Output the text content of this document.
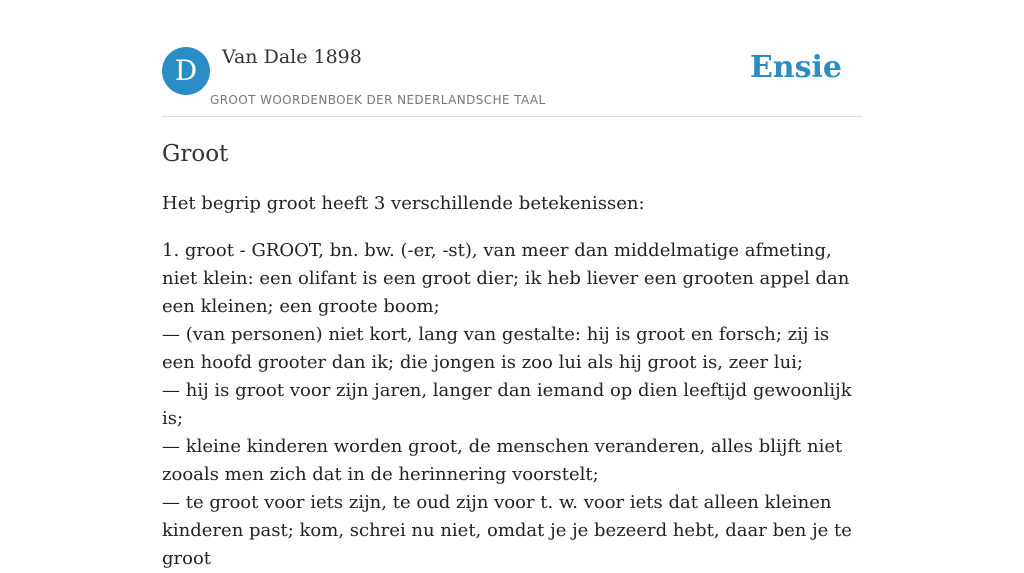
D	Van Dale 1898
GROOT WOORDENBOEK DER NEDERLANDSCHE TAAL
Ensie
Groot

Het begrip groot heeft 3 verschillende betekenissen:

1. groot - GROOT, bn. bw. (-er, -st), van meer dan middelmatige afmeting, niet klein: een olifant is een groot dier; ik heb liever een grooten appel dan een kleinen; een groote boom;
— (van personen) niet kort, lang van gestalte: hij is groot en forsch; zij is een hoofd grooter dan ik; die jongen is zoo lui als hij groot is, zeer lui;
— hij is groot voor zijn jaren, langer dan iemand op dien leeftijd gewoonlijk is;
— kleine kinderen worden groot, de menschen veranderen, alles blijft niet zooals men zich dat in de herinnering voorstelt;
— te groot voor iets zijn, te oud zijn voor t. w. voor iets dat alleen kleinen kinderen past; kom, schrei nu niet, omdat je je bezeerd hebt, daar ben je te groot
